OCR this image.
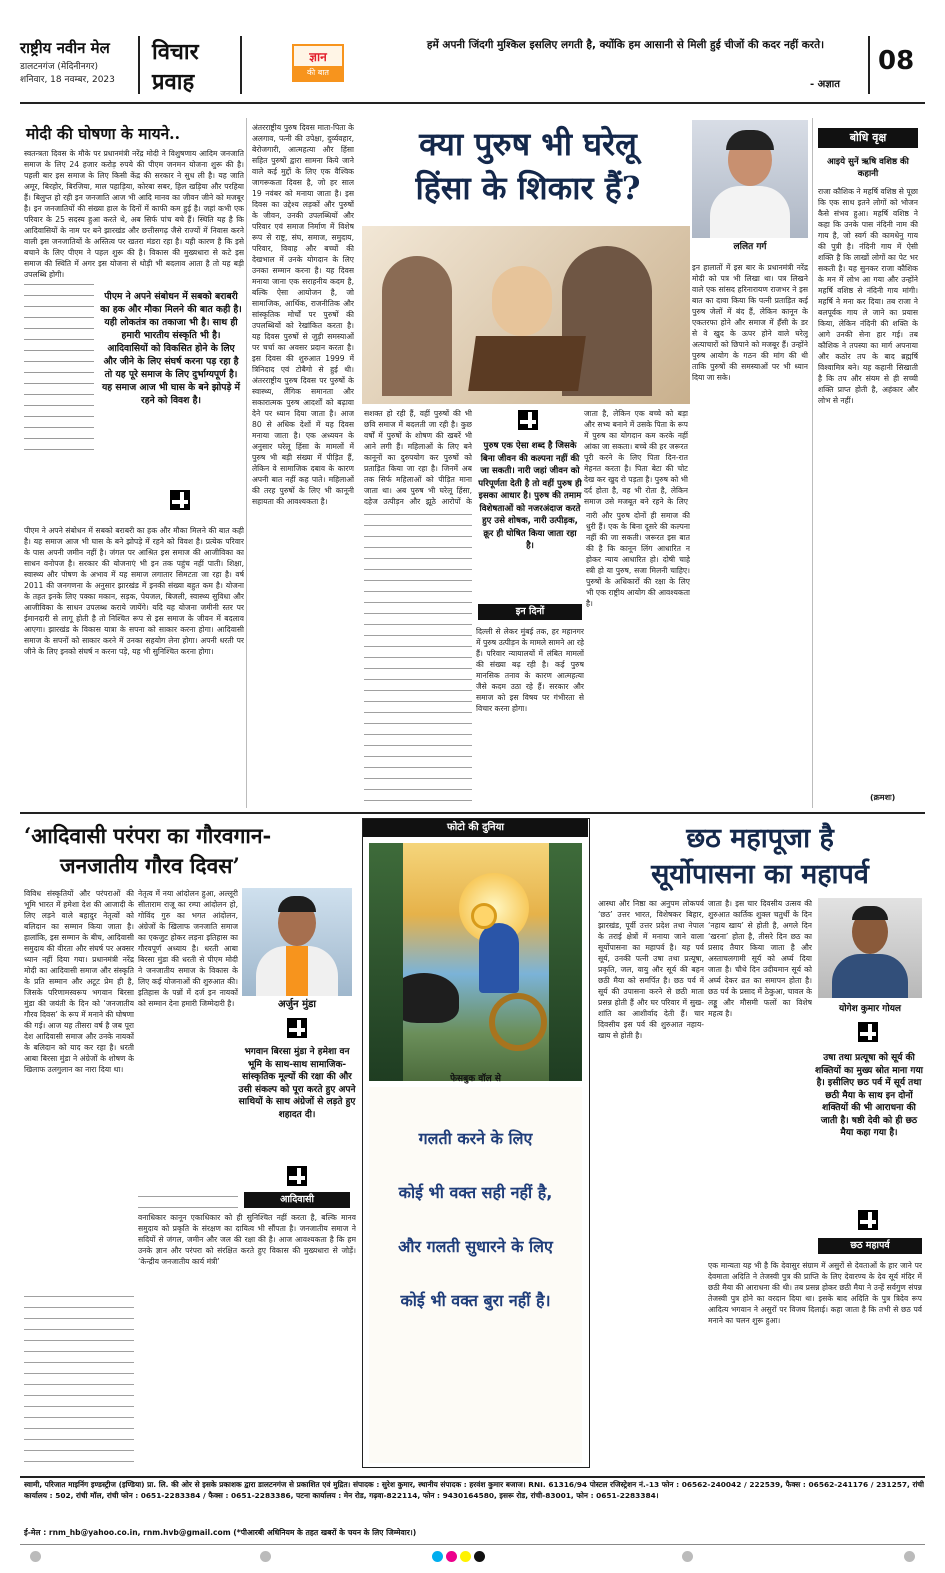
राष्ट्रीय नवीन मेल
डालटनगंज (मेदिनीनगर)
शनिवार, 18 नवम्बर, 2023
विचार
प्रवाह
ज्ञान
की बात
हमें अपनी जिंदगी मुश्किल इसलिए लगती है, क्योंकि हम आसानी से मिली हुई चीजों की कदर नहीं करते।
- अज्ञात
08
मोदी की घोषणा के मायने..
स्वतन्त्रता दिवस के मौके पर प्रधानमंत्री नरेंद्र मोदी ने विशुषणाय आदिम जनजाति समाज के लिए 24 हजार करोड़ रुपये की पीएम जनमन योजना शुरू की है। पहली बार इस समाज के लिए किसी केंद्र की सरकार ने सुध ली है। यह जाति अमूर, बिरहोर, बिरजिया, माल पहाड़िया, कोरबा सबर, हिल खड़िया और परहिया हैं। बिलुप्त हो रही इन जनजाति आज भी आदि मानव का जीवन जीने को मजबूर है। इन जनजातियों की संख्या हाल के दिनों में काफी कम हुई है। जहां कभी एक परिवार के 25 सदस्य हुआ करते थे, अब सिर्फ पांच बचे हैं। स्थिति यह है कि आदिवासियों के नाम पर बने झारखंड और छत्तीसगढ़ जैसे राज्यों में निवास करने वाली इस जनजातियों के अस्तित्व पर खतरा मंडरा रहा है। यही कारण है कि इसे बचाने के लिए पीएम ने पहल शुरू की है। विकास की मुख्यधारा से कटे इस समाज की स्थिति में अगर इस योजना से थोड़ी भी बदलाव आता है तो यह बड़ी उपलब्धि होगी।
पीएम ने अपने संबोधन में सबको बराबरी का हक और मौका मिलने की बात कही है। यही लोकतंत्र का तकाजा भी है। साथ ही हमारी भारतीय संस्कृति भी है। आदिवासियों को विकसित होने के लिए और जीने के लिए संघर्ष करना पड़ रहा है तो यह पूरे समाज के लिए दुर्भाग्यपूर्ण है। यह समाज आज भी घास के बने झोपड़े में रहने को विवश है।
पीएम ने अपने संबोधन में सबको बराबरी का हक और मौका मिलने की बात कही है। यह समाज आज भी घास के बने झोपड़े में रहने को विवश है। प्रत्येक परिवार के पास अपनी जमीन नहीं है। जंगल पर आश्रित इस समाज की आजीविका का साधन वनोपज है। सरकार की योजनाएं भी इन तक पहुंच नहीं पाती। शिक्षा, स्वास्थ्य और पोषण के अभाव में यह समाज लगातार सिमटता जा रहा है। वर्ष 2011 की जनगणना के अनुसार झारखंड में इनकी संख्या बहुत कम है। योजना के तहत इनके लिए पक्का मकान, सड़क, पेयजल, बिजली, स्वास्थ्य सुविधा और आजीविका के साधन उपलब्ध कराये जायेंगे। यदि यह योजना जमीनी स्तर पर ईमानदारी से लागू होती है तो निश्चित रूप से इस समाज के जीवन में बदलाव आएगा। झारखंड के विकास यात्रा के सपना को साकार करना होगा। आदिवासी समाज के सपनों को साकार करने में उनका सहयोग लेना होगा। अपनी धरती पर जीने के लिए इनको संघर्ष न करना पड़े, यह भी सुनिश्चित करना होगा।
अंतरराष्ट्रीय पुरुष दिवस माता-पिता के अलगाव, पत्नी की उपेक्षा, दुर्व्यवहार, बेरोजगारी, आत्महत्या और हिंसा सहित पुरुषों द्वारा सामना किये जाने वाले कई मुद्दों के लिए एक वैश्विक जागरूकता दिवस है, जो हर साल 19 नवंबर को मनाया जाता है। इस दिवस का उद्देश्य लड़कों और पुरुषों के जीवन, उनकी उपलब्धियों और परिवार एवं समाज निर्माण में विशेष रूप से राष्ट्र, संघ, समाज, समुदाय, परिवार, विवाह और बच्चों की देखभाल में उनके योगदान के लिए उनका सम्मान करना है। यह दिवस मनाया जाना एक सराहनीय कदम है, बल्कि ऐसा आयोजन है, जो सामाजिक, आर्थिक, राजनीतिक और सांस्कृतिक मोर्चों पर पुरुषों की उपलब्धियों को रेखांकित करता है। यह दिवस पुरुषों से जुड़ी समस्याओं पर चर्चा का अवसर प्रदान करता है। इस दिवस की शुरुआत 1999 में त्रिनिदाद एवं टोबैगो से हुई थी। अंतरराष्ट्रीय पुरुष दिवस पर पुरुषों के स्वास्थ्य, लैंगिक समानता और सकारात्मक पुरुष आदर्शों को बढ़ावा देने पर ध्यान दिया जाता है। आज 80 से अधिक देशों में यह दिवस मनाया जाता है। एक अध्ययन के अनुसार घरेलू हिंसा के मामलों में पुरुष भी बड़ी संख्या में पीड़ित हैं, लेकिन वे सामाजिक दबाव के कारण अपनी बात नहीं कह पाते। महिलाओं की तरह पुरुषों के लिए भी कानूनी सहायता की आवश्यकता है।
क्या पुरुष भी घरेलू
हिंसा के शिकार हैं?
ललित गर्ग
सशक्त हो रही हैं, वहीं पुरुषों की भी छवि समाज में बदलती जा रही है। कुछ वर्षों में पुरुषों के शोषण की खबरें भी आने लगी हैं। महिलाओं के लिए बने कानूनों का दुरुपयोग कर पुरुषों को प्रताड़ित किया जा रहा है। जिनमें अब तक सिर्फ महिलाओं को पीड़ित माना जाता था। अब पुरुष भी घरेलू हिंसा, दहेज उत्पीड़न और झूठे आरोपों के
जाता है, लेकिन एक बच्चे को बड़ा और सभ्य बनाने में उसके पिता के रूप में पुरुष का योगदान कम करके नहीं आंका जा सकता। बच्चे की हर जरूरत पूरी करने के लिए पिता दिन-रात मेहनत करता है। पिता बेटा की चोट देख कर खुद रो पड़ता है। पुरुष को भी दर्द होता है, वह भी रोता है, लेकिन समाज उसे मजबूत बने रहने के लिए
पुरुष एक ऐसा शब्द है जिसके बिना जीवन की कल्पना नहीं की जा सकती। नारी जहां जीवन को परिपूर्णता देती है तो वहीं पुरुष ही इसका आधार है। पुरुष की तमाम विशेषताओं को नजरअंदाज करते हुए उसे शोषक, नारी उत्पीड़क, क्रूर ही घोषित किया जाता रहा है।
इन दिनों
इन हालातों में इस बार के प्रधानमंत्री नरेंद्र मोदी को पत्र भी लिखा था। पत्र लिखने वाले एक सांसद हरिनारायण राजभर ने इस बात का दावा किया कि पत्नी प्रताड़ित कई पुरुष जेलों में बंद हैं, लेकिन कानून के एकतरफा होने और समाज में हँसी के डर से वे खुद के ऊपर होने वाले घरेलू अत्याचारों को छिपाने को मजबूर हैं। उन्होंने पुरुष आयोग के गठन की मांग की थी ताकि पुरुषों की समस्याओं पर भी ध्यान दिया जा सके।
दिल्ली से लेकर मुंबई तक, हर महानगर में पुरुष उत्पीड़न के मामले सामने आ रहे हैं। परिवार न्यायालयों में लंबित मामलों की संख्या बढ़ रही है। कई पुरुष मानसिक तनाव के कारण आत्महत्या जैसे कदम उठा रहे हैं। सरकार और समाज को इस विषय पर गंभीरता से विचार करना होगा।
नारी और पुरुष दोनों ही समाज की धुरी हैं। एक के बिना दूसरे की कल्पना नहीं की जा सकती। जरूरत इस बात की है कि कानून लिंग आधारित न होकर न्याय आधारित हो। दोषी चाहे स्त्री हो या पुरुष, सजा मिलनी चाहिए। पुरुषों के अधिकारों की रक्षा के लिए भी एक राष्ट्रीय आयोग की आवश्यकता है।
बोधि वृक्ष
आइये सुनें ऋषि वशिष्ठ की कहानी
राजा कौशिक ने महर्षि वशिष्ठ से पूछा कि एक साथ इतने लोगों को भोजन कैसे संभव हुआ। महर्षि वशिष्ठ ने कहा कि उनके पास नंदिनी नाम की गाय है, जो स्वर्ग की कामधेनु गाय की पुत्री है। नंदिनी गाय में ऐसी शक्ति है कि लाखों लोगों का पेट भर सकती है। यह सुनकर राजा कौशिक के मन में लोभ आ गया और उन्होंने महर्षि वशिष्ठ से नंदिनी गाय मांगी। महर्षि ने मना कर दिया। तब राजा ने बलपूर्वक गाय ले जाने का प्रयास किया, लेकिन नंदिनी की शक्ति के आगे उनकी सेना हार गई। तब कौशिक ने तपस्या का मार्ग अपनाया और कठोर तप के बाद ब्रह्मर्षि विश्वामित्र बने। यह कहानी सिखाती है कि तप और संयम से ही सच्ची शक्ति प्राप्त होती है, अहंकार और लोभ से नहीं।
(क्रमशः)
‘आदिवासी परंपरा का गौरवगान-
जनजातीय गौरव दिवस’
विविध संस्कृतियों और परंपराओं की भूमि भारत में हमेशा देश की आजादी के लिए लड़ने वाले बहादुर नेतृत्वों को बलिदान का सम्मान किया जाता है। हालांकि, इस सम्मान के बीच, आदिवासी समुदाय की वीरता और संघर्ष पर अक्सर ध्यान नहीं दिया गया। प्रधानमंत्री नरेंद्र मोदी का आदिवासी समाज और संस्कृति के प्रति सम्मान और अटूट प्रेम ही है, जिसके परिणामस्वरूप भगवान बिरसा मुंडा की जयंती के दिन को ‘जनजातीय गौरव दिवस’ के रूप में मनाने की घोषणा की गई। आज यह तीसरा वर्ष है जब पूरा देश आदिवासी समाज और उनके नायकों के बलिदान को याद कर रहा है। धरती आबा बिरसा मुंडा ने अंग्रेजों के शोषण के खिलाफ उलगुलान का नारा दिया था।
अर्जुन मुंडा
भगवान बिरसा मुंडा ने हमेशा वन भूमि के साथ-साथ सामाजिक-सांस्कृतिक मूल्यों की रक्षा की और उसी संकल्प को पूरा करते हुए अपने साथियों के साथ अंग्रेजों से लड़ते हुए शहादत दी।
आदिवासी
नेतृत्व में नया आंदोलन हुआ, अल्लूरी सीताराम राजू का रम्पा आंदोलन हो, गोविंद गुरु का भगत आंदोलन, अंग्रेजों के खिलाफ जनजाति समाज का एकजुट होकर लड़ना इतिहास का गौरवपूर्ण अध्याय है। धरती आबा बिरसा मुंडा की धरती से पीएम मोदी ने जनजातीय समाज के विकास के लिए कई योजनाओं की शुरुआत की। इतिहास के पन्नों में दर्ज इन नायकों को सम्मान देना हमारी जिम्मेदारी है।
वनाधिकार कानून एकाधिकार को ही सुनिश्चित नहीं करता है, बल्कि मानव समुदाय को प्रकृति के संरक्षण का दायित्व भी सौंपता है। जनजातीय समाज ने सदियों से जंगल, जमीन और जल की रक्षा की है। आज आवश्यकता है कि हम उनके ज्ञान और परंपरा को संरक्षित करते हुए विकास की मुख्यधारा से जोड़ें। ‘केन्द्रीय जनजातीय कार्य मंत्री’
फोटो की दुनिया
फेसबुक वॉल से
गलती करने के लिए
कोई भी वक्त सही नहीं है,
और गलती सुधारने के लिए
कोई भी वक्त बुरा नहीं है।
छठ महापूजा है
सूर्योपासना का महापर्व
आस्था और निष्ठा का अनुपम लोकपर्व ‘छठ’ उत्तर भारत, विशेषकर बिहार, झारखंड, पूर्वी उत्तर प्रदेश तथा नेपाल के तराई क्षेत्रों में मनाया जाने वाला सूर्योपासना का महापर्व है। यह पर्व सूर्य, उनकी पत्नी उषा तथा प्रत्यूषा, प्रकृति, जल, वायु और सूर्य की बहन छठी मैया को समर्पित है। छठ पर्व में सूर्य की उपासना करने से छठी माता प्रसन्न होती हैं और घर परिवार में सुख-शांति का आशीर्वाद देती हैं। चार दिवसीय इस पर्व की शुरुआत नहाय-खाय से होती है।
जाता है। इस चार दिवसीय उत्सव की शुरुआत कार्तिक शुक्ल चतुर्थी के दिन ‘नहाय खाय’ से होती है, अगले दिन ‘खरना’ होता है, तीसरे दिन छठ का प्रसाद तैयार किया जाता है और अस्ताचलगामी सूर्य को अर्घ्य दिया जाता है। चौथे दिन उदीयमान सूर्य को अर्घ्य देकर व्रत का समापन होता है। छठ पर्व के प्रसाद में ठेकुआ, चावल के लड्डू और मौसमी फलों का विशेष महत्व है।	योगेश कुमार गोयल
उषा तथा प्रत्यूषा को सूर्य की शक्तियों का मुख्य स्रोत माना गया है। इसीलिए छठ पर्व में सूर्य तथा छठी मैया के साथ इन दोनों शक्तियों की भी आराधना की जाती है। षष्ठी देवी को ही छठ मैया कहा गया है।
छठ महापर्व
एक मान्यता यह भी है कि देवासुर संग्राम में असुरों से देवताओं के हार जाने पर देवमाता अदिति ने तेजस्वी पुत्र की प्राप्ति के लिए देवारण्य के देव सूर्य मंदिर में छठी मैया की आराधना की थी। तब प्रसन्न होकर छठी मैया ने उन्हें सर्वगुण संपन्न तेजस्वी पुत्र होने का वरदान दिया था। इसके बाद अदिति के पुत्र त्रिदेव रूप आदित्य भगवान ने असुरों पर विजय दिलाई। कहा जाता है कि तभी से छठ पर्व मनाने का चलन शुरू हुआ।
स्वामी, परिजात माइनिंग इण्डस्ट्रीज (इण्डिया) प्रा. लि. की ओर से इसके प्रकाशक द्वारा डालटनगंज से प्रकाशित एवं मुद्रित। संपादक : सुरेश कुमार, स्थानीय संपादक : हरवंश कुमार बजाज। RNI. 61316/94 पोस्टल रजिस्ट्रेशन नं.-13 फोन : 06562-240042 / 222539, फैक्स : 06562-241176 / 231257, रांची कार्यालय : 502, रांची मॉल, रांची फोन : 0651-2283384 / फैक्स : 0651-2283386, पटना कार्यालय : मेन रोड, गढ़वा-822114, फोन : 9430164580, इसरू रोड, रांची-83001, फोन : 0651-2283384।
ई-मेल : rnm_hb@yahoo.co.in, rnm.hvb@gmail.com (*पीआरबी अधिनियम के तहत खबरों के चयन के लिए जिम्मेवार।)
